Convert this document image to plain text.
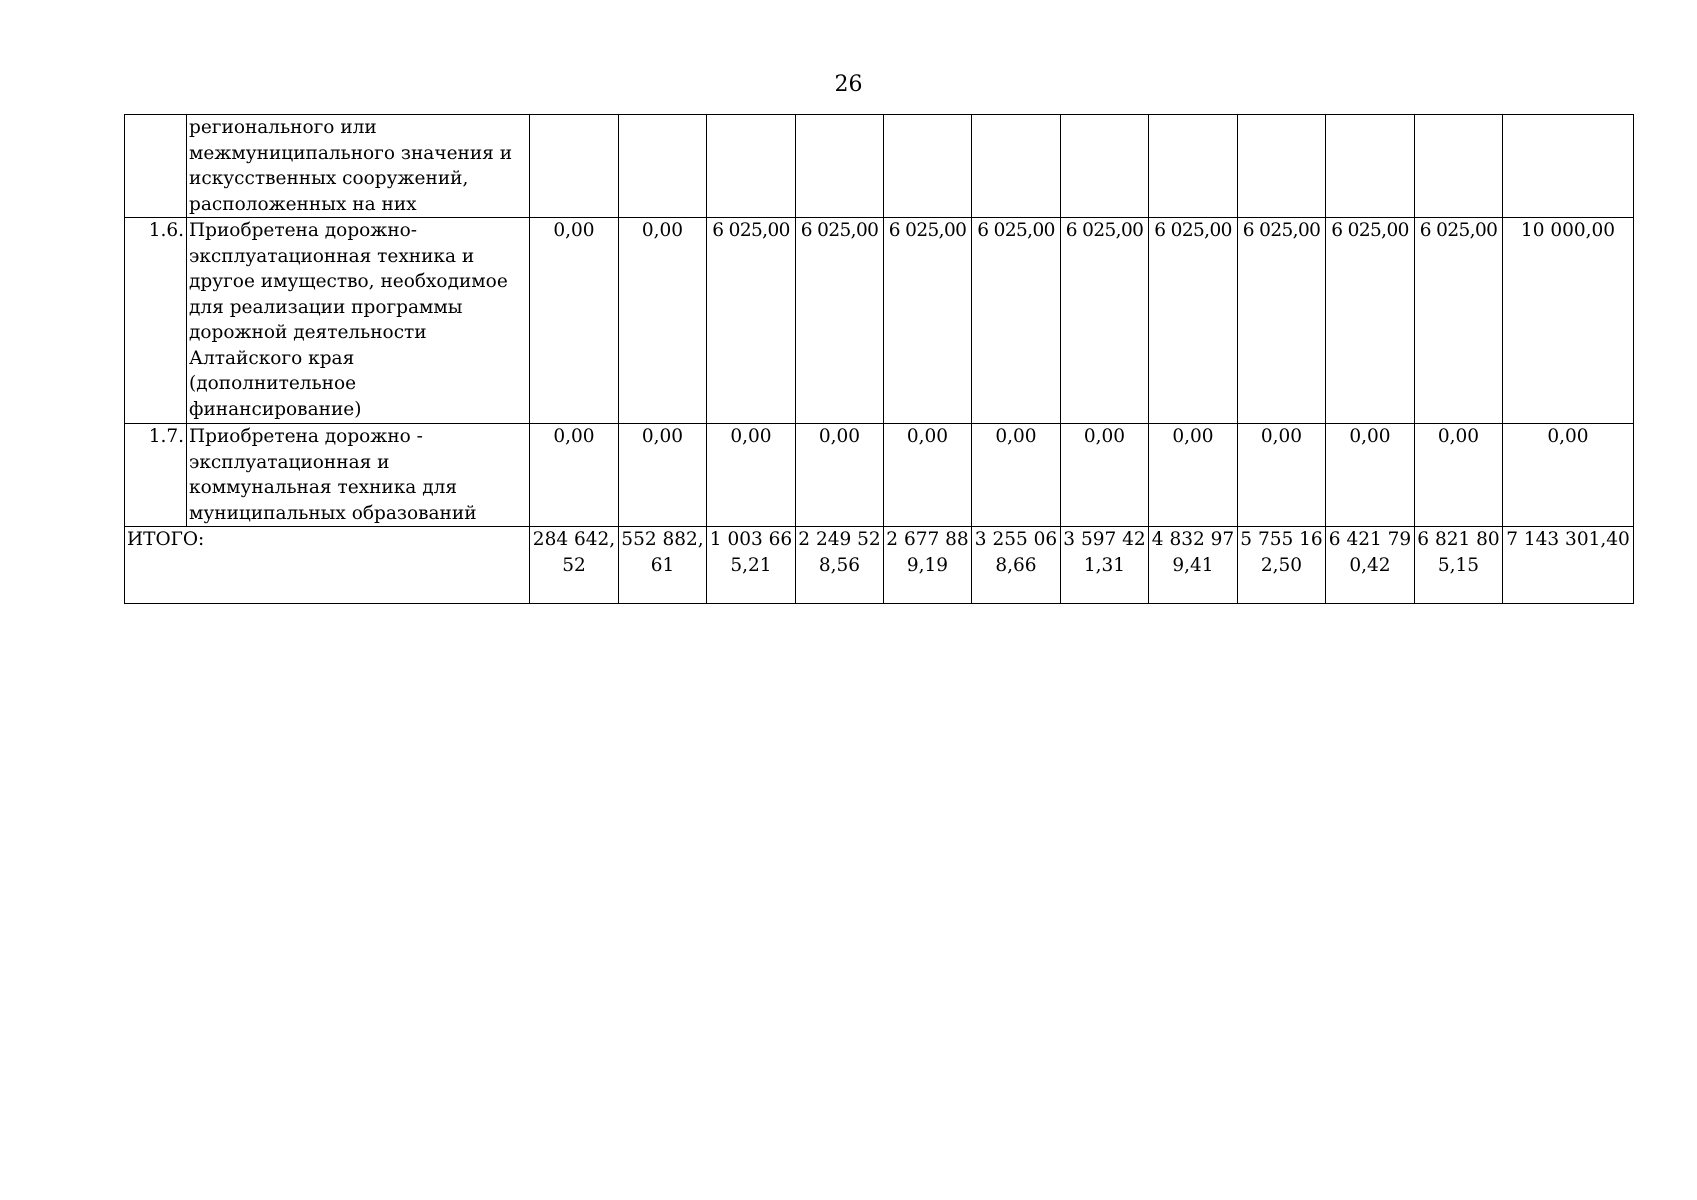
26
	регионального или межмуниципального значения и искусственных сооружений, расположенных на них												
1.6.	Приобретена дорожно-эксплуатационная техника и другое имущество, необходимое для реализации программы дорожной деятельности Алтайского края (дополнительное финансирование)	0,00	0,00	6 025,00	6 025,00	6 025,00	6 025,00	6 025,00	6 025,00	6 025,00	6 025,00	6 025,00	10 000,00
1.7.	Приобретена дорожно - эксплуатационная и коммунальная техника для муниципальных образований	0,00	0,00	0,00	0,00	0,00	0,00	0,00	0,00	0,00	0,00	0,00	0,00
ИТОГО:		284 642,52	552 882,61	1 003 665,21	2 249 528,56	2 677 889,19	3 255 068,66	3 597 421,31	4 832 979,41	5 755 162,50	6 421 790,42	6 821 805,15	7 143 301,40
